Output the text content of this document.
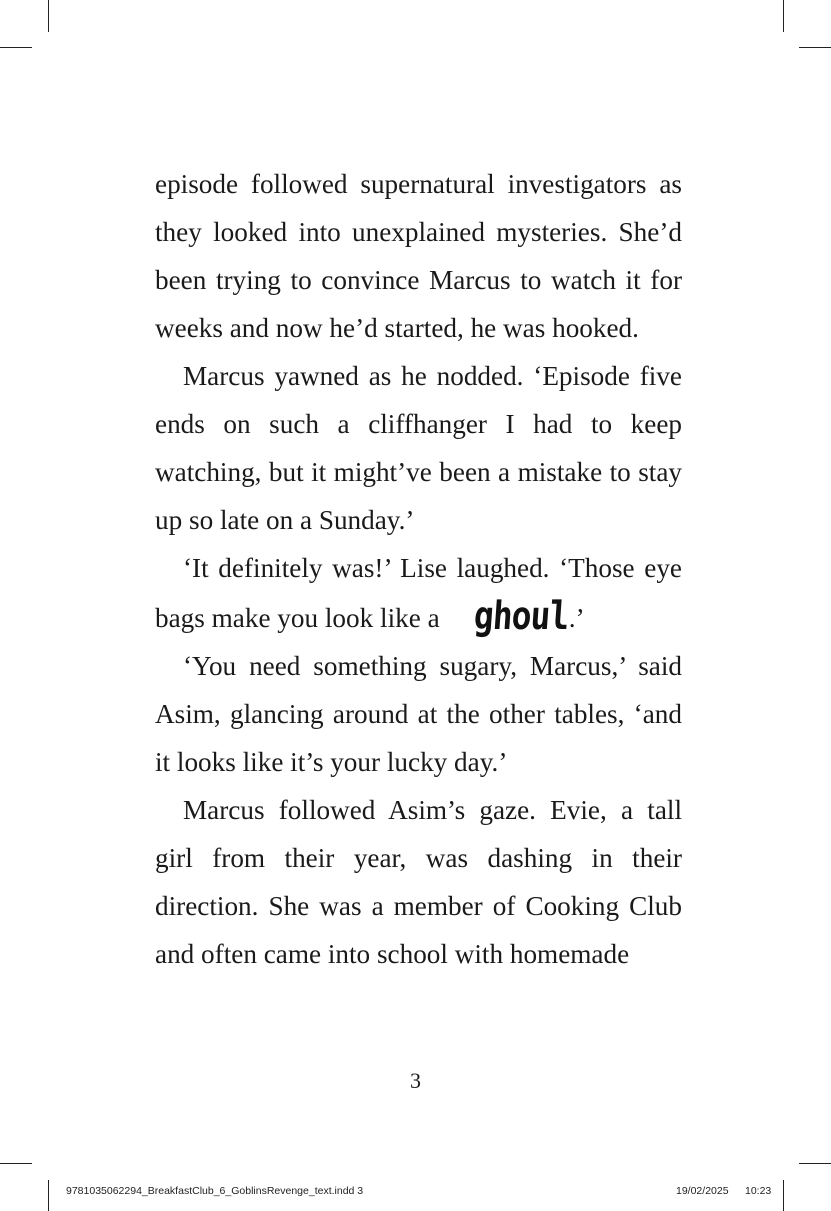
episode followed supernatural investigators as they looked into unexplained mysteries. She’d been trying to convince Marcus to watch it for weeks and now he’d started, he was hooked.

Marcus yawned as he nodded. ‘Episode five ends on such a cliffhanger I had to keep watching, but it might’ve been a mistake to stay up so late on a Sunday.’

‘It definitely was!’ Lise laughed. ‘Those eye bags make you look like a ghoul.’

‘You need something sugary, Marcus,’ said Asim, glancing around at the other tables, ‘and it looks like it’s your lucky day.’

Marcus followed Asim’s gaze. Evie, a tall girl from their year, was dashing in their direction. She was a member of Cooking Club and often came into school with homemade

3
9781035062294_BreakfastClub_6_GoblinsRevenge_text.indd 3	19/02/2025 10:23
